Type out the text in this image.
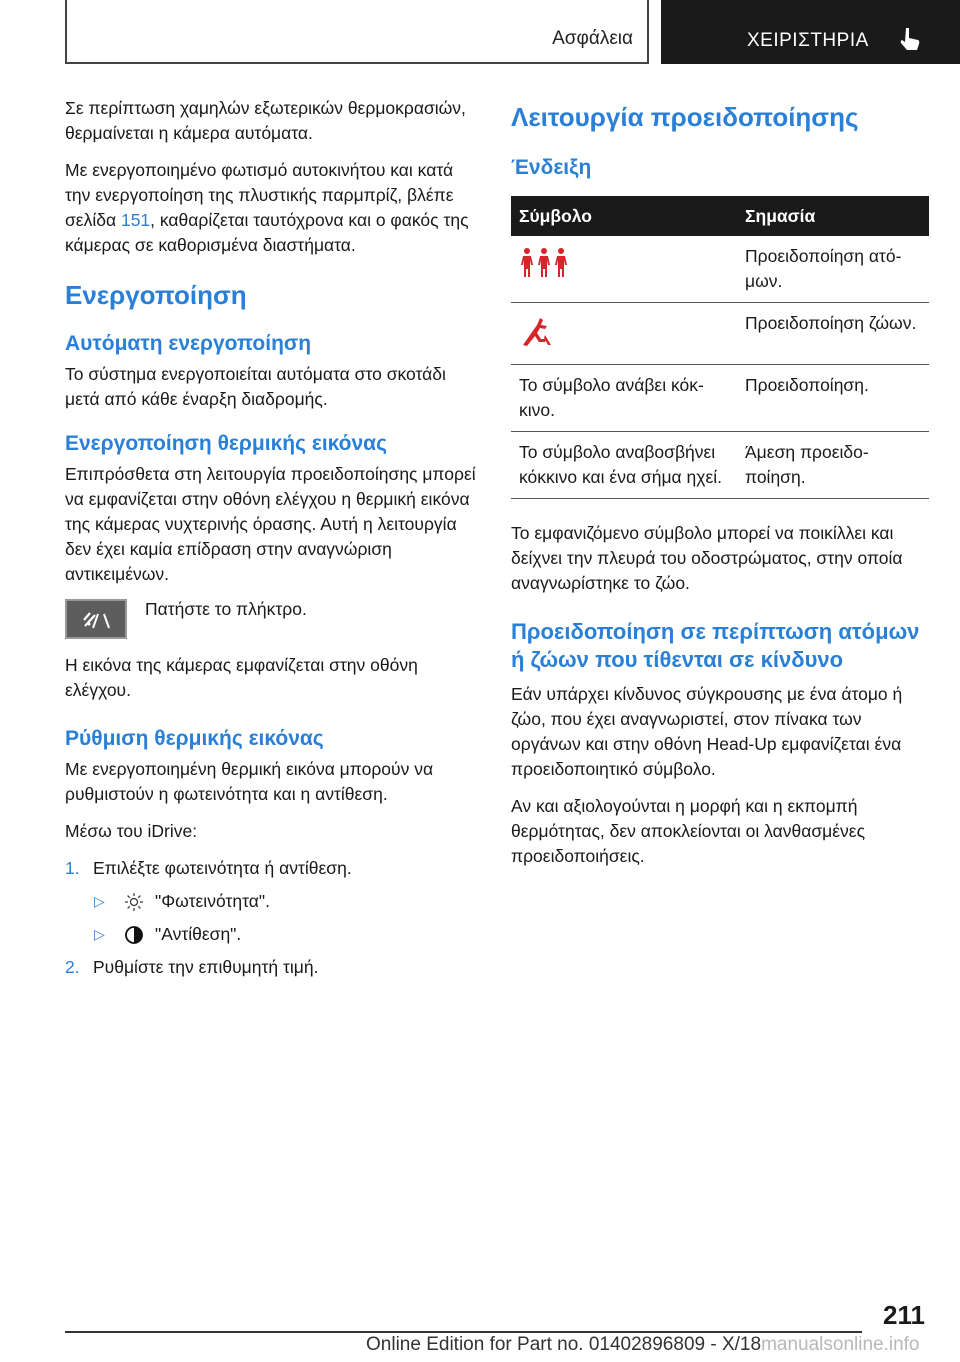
Ασφάλεια	ΧΕΙΡΙΣΤΗΡΙΑ

Σε περίπτωση χαμηλών εξωτερικών θερμοκρασιών, θερμαίνεται η κάμερα αυτόματα.

Με ενεργοποιημένο φωτισμό αυτοκινήτου και κατά την ενεργοποίηση της πλυστικής παρμπρίζ, βλέπε σελίδα 151, καθαρίζεται ταυτόχρονα και ο φακός της κάμερας σε καθορισμένα διαστήματα.

Ενεργοποίηση
Αυτόματη ενεργοποίηση

Το σύστημα ενεργοποιείται αυτόματα στο σκοτάδι μετά από κάθε έναρξη διαδρομής.

Ενεργοποίηση θερμικής εικόνας

Επιπρόσθετα στη λειτουργία προειδοποίησης μπορεί να εμφανίζεται στην οθόνη ελέγχου η θερμική εικόνα της κάμερας νυχτερινής όρασης. Αυτή η λειτουργία δεν έχει καμία επίδραση στην αναγνώριση αντικειμένων.

Πατήστε το πλήκτρο.

Η εικόνα της κάμερας εμφανίζεται στην οθόνη ελέγχου.

Ρύθμιση θερμικής εικόνας

Με ενεργοποιημένη θερμική εικόνα μπορούν να ρυθμιστούν η φωτεινότητα και η αντίθεση.

Μέσω του iDrive:

1. Επιλέξτε φωτεινότητα ή αντίθεση.
▷	"Φωτεινότητα".
▷	"Αντίθεση".
2. Ρυθμίστε την επιθυμητή τιμή.
Λειτουργία προειδοποίησης
Ένδειξη
Σύμβολο	Σημασία
	Προειδοποίηση ατόμων.
	Προειδοποίηση ζώων.
Το σύμβολο ανάβει κόκκινο.	Προειδοποίηση.
Το σύμβολο αναβοσβήνει κόκκινο και ένα σήμα ηχεί.	Άμεση προειδοποίηση.

Το εμφανιζόμενο σύμβολο μπορεί να ποικίλλει και δείχνει την πλευρά του οδοστρώματος, στην οποία αναγνωρίστηκε το ζώο.

Προειδοποίηση σε περίπτωση ατόμων ή ζώων που τίθενται σε κίνδυνο

Εάν υπάρχει κίνδυνος σύγκρουσης με ένα άτομο ή ζώο, που έχει αναγνωριστεί, στον πίνακα των οργάνων και στην οθόνη Head-Up εμφανίζεται ένα προειδοποιητικό σύμβολο.

Αν και αξιολογούνται η μορφή και η εκπομπή θερμότητας, δεν αποκλείονται οι λανθασμένες προειδοποιήσεις.

211
Online Edition for Part no. 01402896809 - X/18manualsonline.info
